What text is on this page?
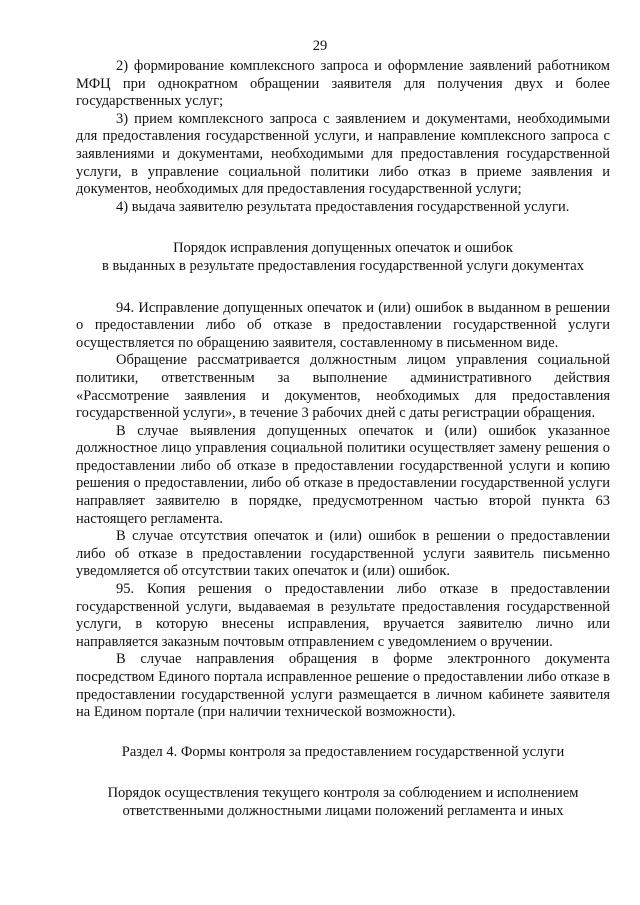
29

2) формирование комплексного запроса и оформление заявлений работником МФЦ при однократном обращении заявителя для получения двух и более государственных услуг;

3) прием комплексного запроса с заявлением и документами, необходимыми для предоставления государственной услуги, и направление комплексного запроса с заявлениями и документами, необходимыми для предоставления государственной услуги, в управление социальной политики либо отказ в приеме заявления и документов, необходимых для предоставления государственной услуги;

4) выдача заявителю результата предоставления государственной услуги.

Порядок исправления допущенных опечаток и ошибок
в выданных в результате предоставления государственной услуги документах

94. Исправление допущенных опечаток и (или) ошибок в выданном в решении о предоставлении либо об отказе в предоставлении государственной услуги осуществляется по обращению заявителя, составленному в письменном виде.

Обращение рассматривается должностным лицом управления социальной политики, ответственным за выполнение административного действия «Рассмотрение заявления и документов, необходимых для предоставления государственной услуги», в течение 3 рабочих дней с даты регистрации обращения.

В случае выявления допущенных опечаток и (или) ошибок указанное должностное лицо управления социальной политики осуществляет замену решения о предоставлении либо об отказе в предоставлении государственной услуги и копию решения о предоставлении, либо об отказе в предоставлении государственной услуги направляет заявителю в порядке, предусмотренном частью второй пункта 63 настоящего регламента.

В случае отсутствия опечаток и (или) ошибок в решении о предоставлении либо об отказе в предоставлении государственной услуги заявитель письменно уведомляется об отсутствии таких опечаток и (или) ошибок.

95. Копия решения о предоставлении либо отказе в предоставлении государственной услуги, выдаваемая в результате предоставления государственной услуги, в которую внесены исправления, вручается заявителю лично или направляется заказным почтовым отправлением с уведомлением о вручении.

В случае направления обращения в форме электронного документа посредством Единого портала исправленное решение о предоставлении либо отказе в предоставлении государственной услуги размещается в личном кабинете заявителя на Едином портале (при наличии технической возможности).

Раздел 4. Формы контроля за предоставлением государственной услуги
Порядок осуществления текущего контроля за соблюдением и исполнением
ответственными должностными лицами положений регламента и иных
